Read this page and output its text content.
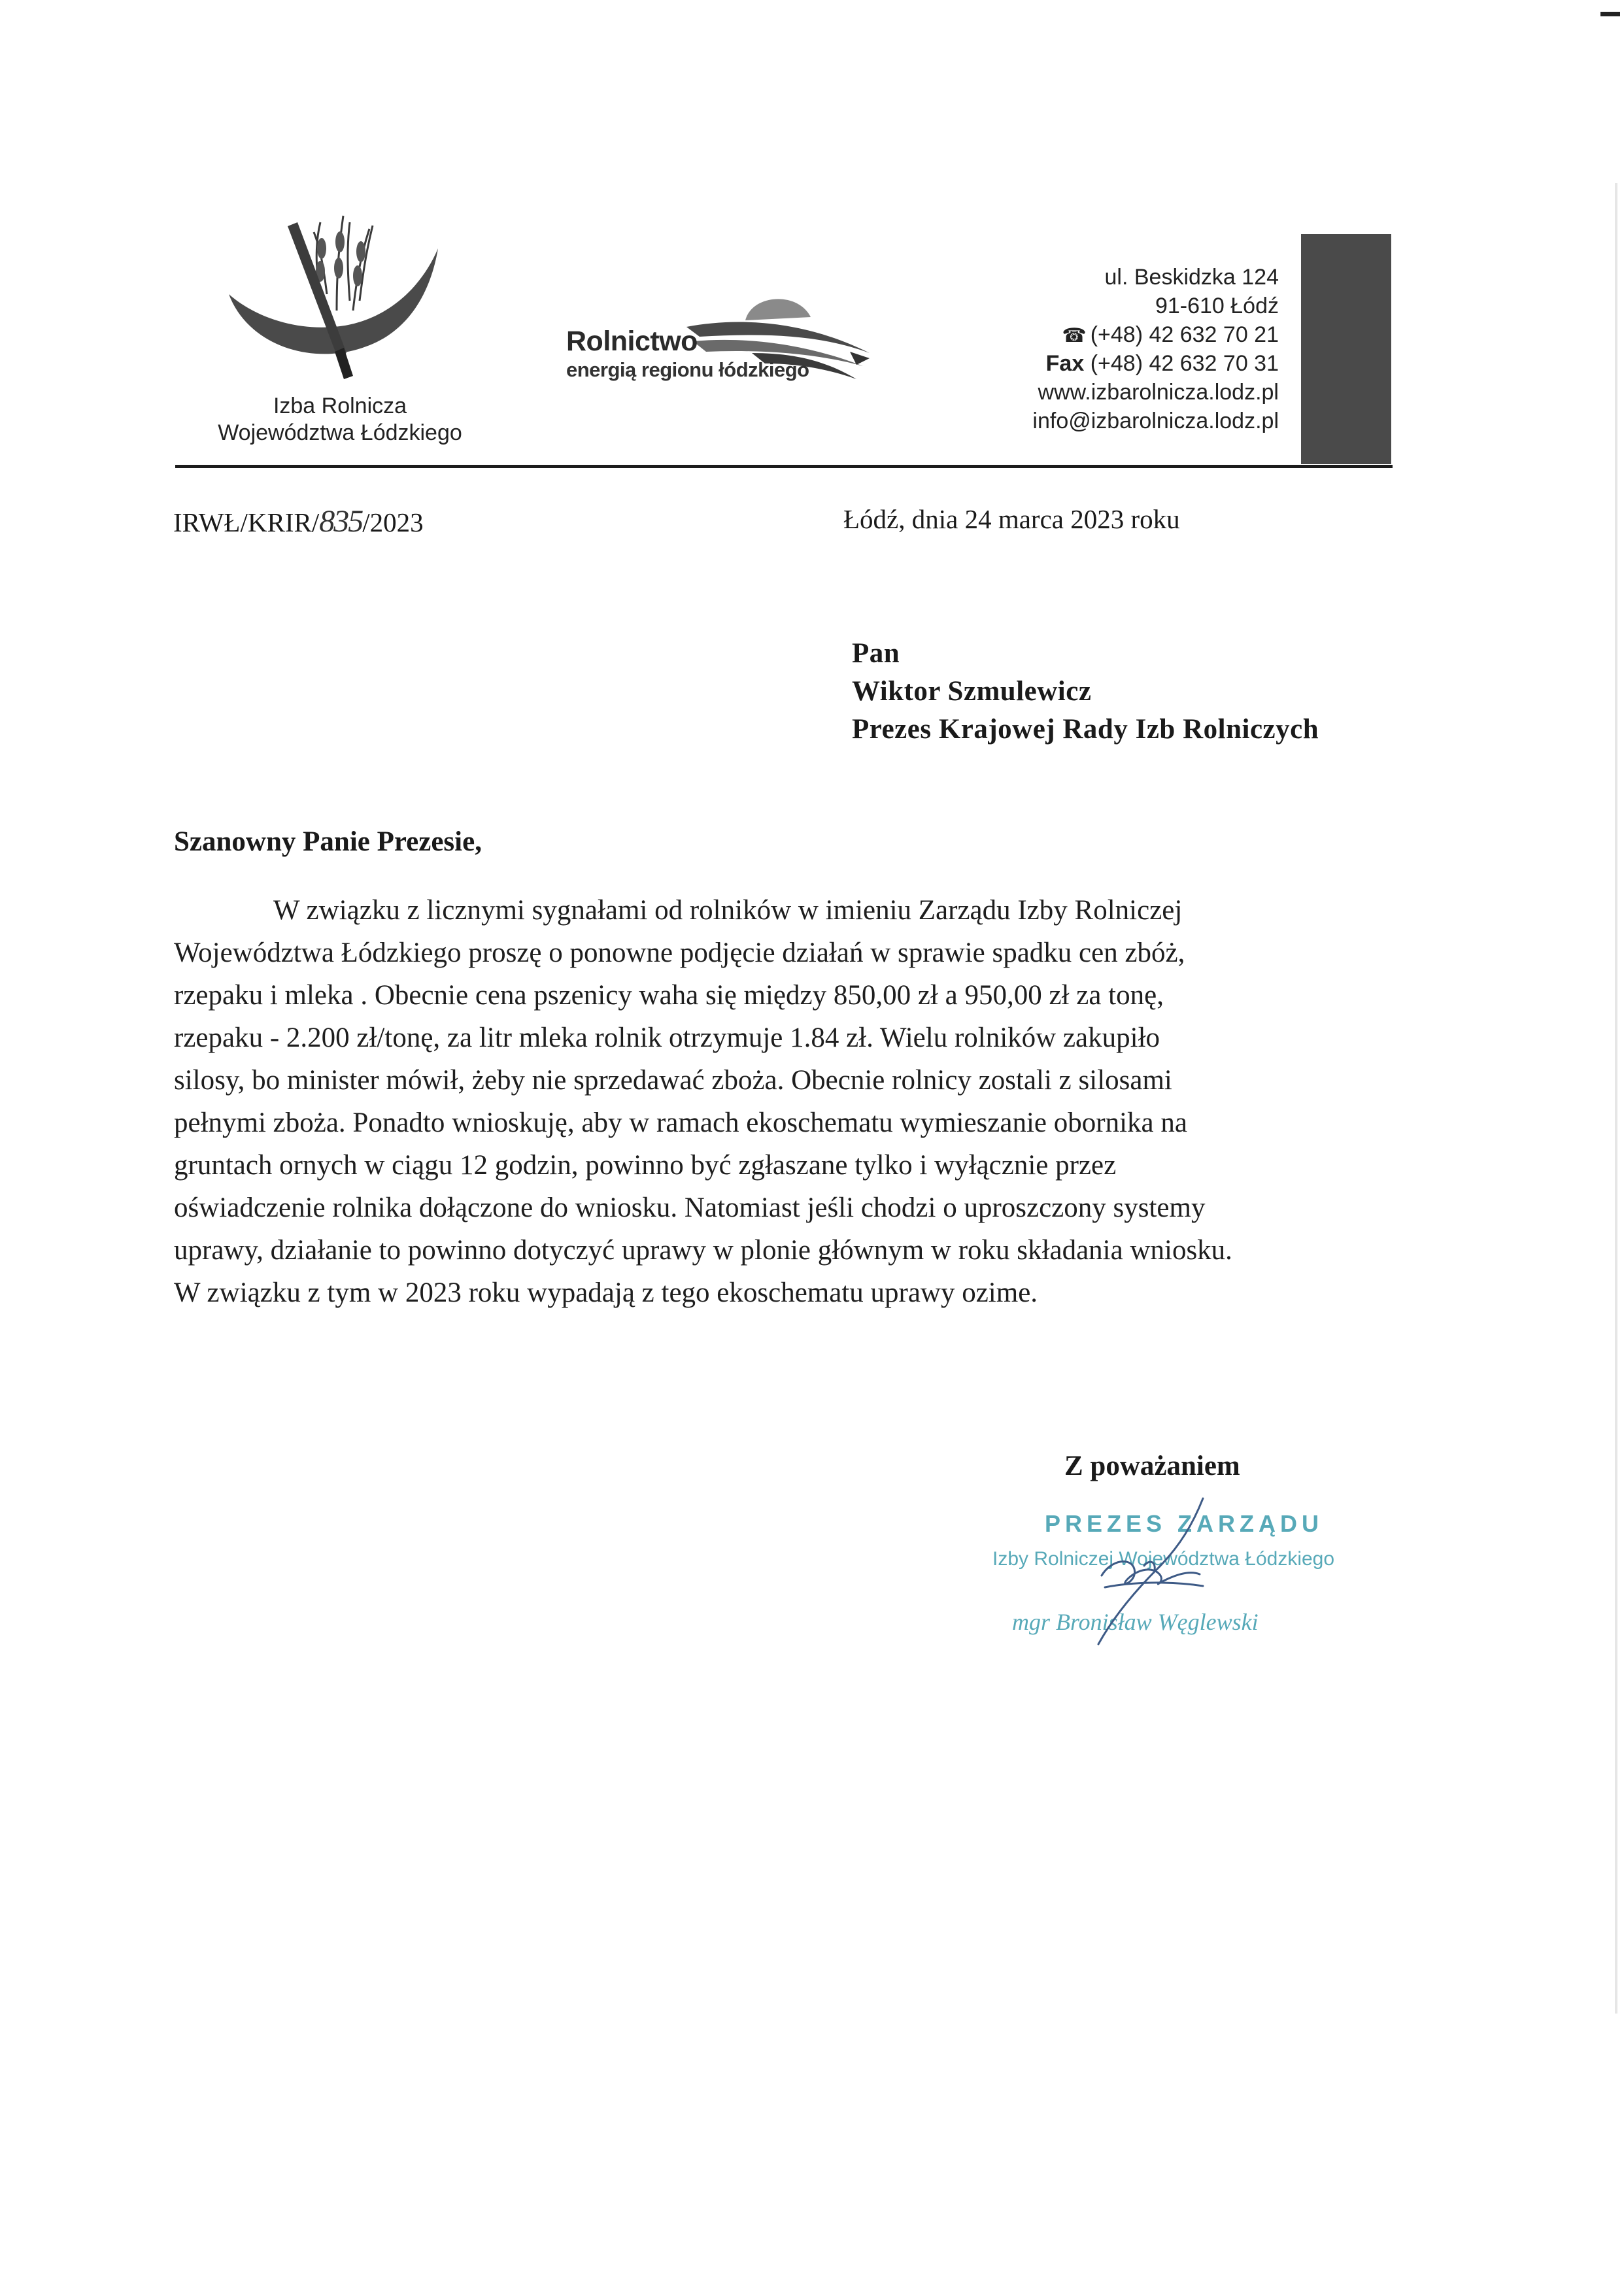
Izba Rolnicza
Województwa Łódzkiego
Rolnictwo
energią regionu łódzkiego
ul. Beskidzka 124
91-610 Łódź
☎ (+48) 42 632 70 21
Fax (+48) 42 632 70 31
www.izbarolnicza.lodz.pl
info@izbarolnicza.lodz.pl
IRWŁ/KRIR/835/2023	Łódź, dnia 24 marca 2023 roku
Pan
Wiktor Szmulewicz
Prezes Krajowej Rady Izb Rolniczych
Szanowny Panie Prezesie,
W związku z licznymi sygnałami od rolników w imieniu Zarządu Izby Rolniczej
Województwa Łódzkiego proszę o ponowne podjęcie działań w sprawie spadku cen zbóż,
rzepaku i mleka . Obecnie cena pszenicy waha się między 850,00 zł a 950,00 zł za tonę,
rzepaku - 2.200 zł/tonę, za litr mleka rolnik otrzymuje 1.84 zł. Wielu rolników zakupiło
silosy, bo minister mówił, żeby nie sprzedawać zboża. Obecnie rolnicy zostali z silosami
pełnymi zboża. Ponadto wnioskuję, aby w ramach ekoschematu wymieszanie obornika na
gruntach ornych w ciągu 12 godzin, powinno być zgłaszane tylko i wyłącznie przez
oświadczenie rolnika dołączone do wniosku. Natomiast jeśli chodzi o uproszczony systemy
uprawy, działanie to powinno dotyczyć uprawy w plonie głównym w roku składania wniosku.
W związku z tym w 2023 roku wypadają z tego ekoschematu uprawy ozime.
Z poważaniem
PREZES ZARZĄDU
Izby Rolniczej Województwa Łódzkiego
mgr Bronisław Węglewski
